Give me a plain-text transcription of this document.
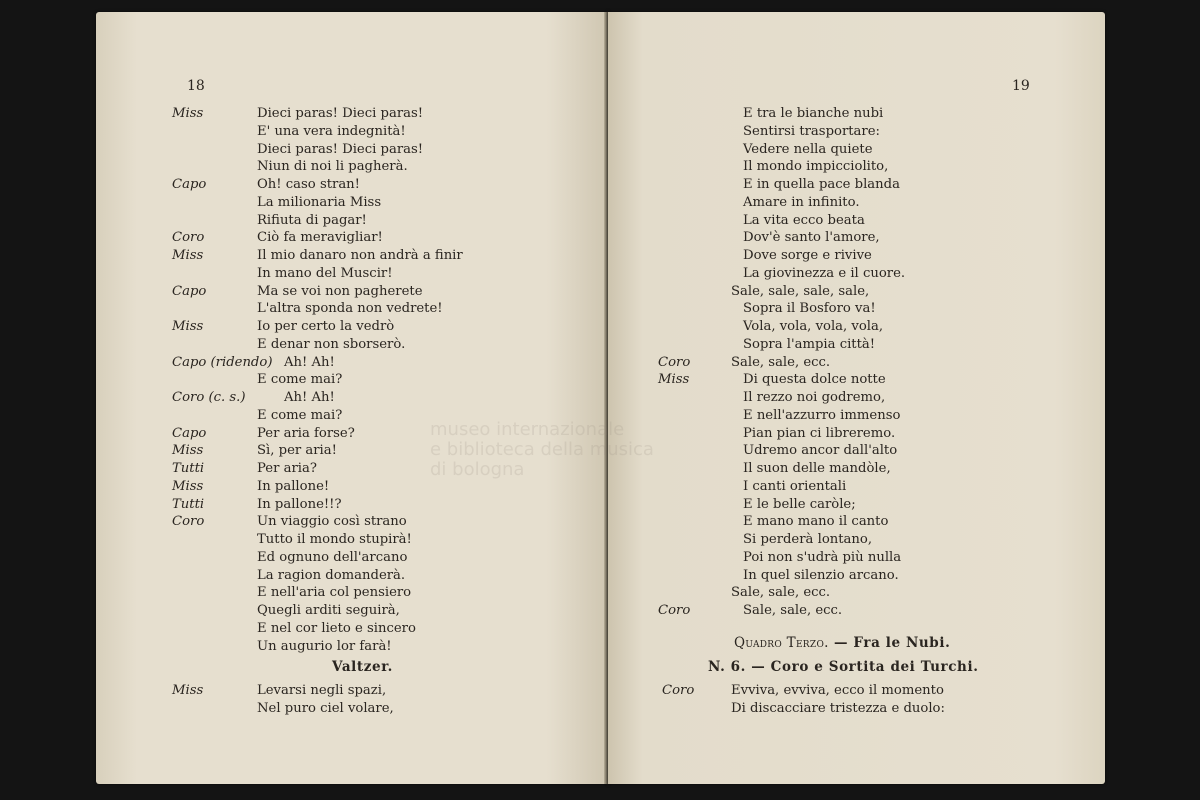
18
Miss	Dieci paras! Dieci paras!
E' una vera indegnità!
Dieci paras! Dieci paras!
Niun di noi li pagherà.
Capo	Oh! caso stran!
La milionaria Miss
Rifiuta di pagar!
Coro	Ciò fa meravigliar!
Miss	Il mio danaro non andrà a finir
In mano del Muscir!
Capo	Ma se voi non pagherete
L'altra sponda non vedrete!
Miss	Io per certo la vedrò
E denar non sborserò.
Capo (ridendo) Ah! Ah!
E come mai?
Coro (c. s.)	Ah! Ah!
E come mai?
Capo	Per aria forse?
Miss	Sì, per aria!
Tutti	Per aria?
Miss	In pallone!
Tutti	In pallone!!?
Coro	Un viaggio così strano
Tutto il mondo stupirà!
Ed ognuno dell'arcano
La ragion domanderà.
E nell'aria col pensiero
Quegli arditi seguirà,
E nel cor lieto e sincero
Un augurio lor farà!
Valtzer.
Miss	Levarsi negli spazi,
Nel puro ciel volare,
19
E tra le bianche nubi
Sentirsi trasportare:
Vedere nella quiete
Il mondo impicciolito,
E in quella pace blanda
Amare in infinito.
La vita ecco beata
Dov'è santo l'amore,
Dove sorge e rivive
La giovinezza e il cuore.
Sale, sale, sale, sale,
Sopra il Bosforo va!
Vola, vola, vola, vola,
Sopra l'ampia città!
Coro	Sale, sale, ecc.
Miss	Di questa dolce notte
Il rezzo noi godremo,
E nell'azzurro immenso
Pian pian ci libreremo.
Udremo ancor dall'alto
Il suon delle mandòle,
I canti orientali
E le belle caròle;
E mano mano il canto
Si perderà lontano,
Poi non s'udrà più nulla
In quel silenzio arcano.
Sale, sale, ecc.
Coro	Sale, sale, ecc.
Quadro Terzo. — Fra le Nubi.
N. 6. — Coro e Sortita dei Turchi.
Coro	Evviva, evviva, ecco il momento
Di discacciare tristezza e duolo:
museo internazionale
e biblioteca della musica
di bologna
